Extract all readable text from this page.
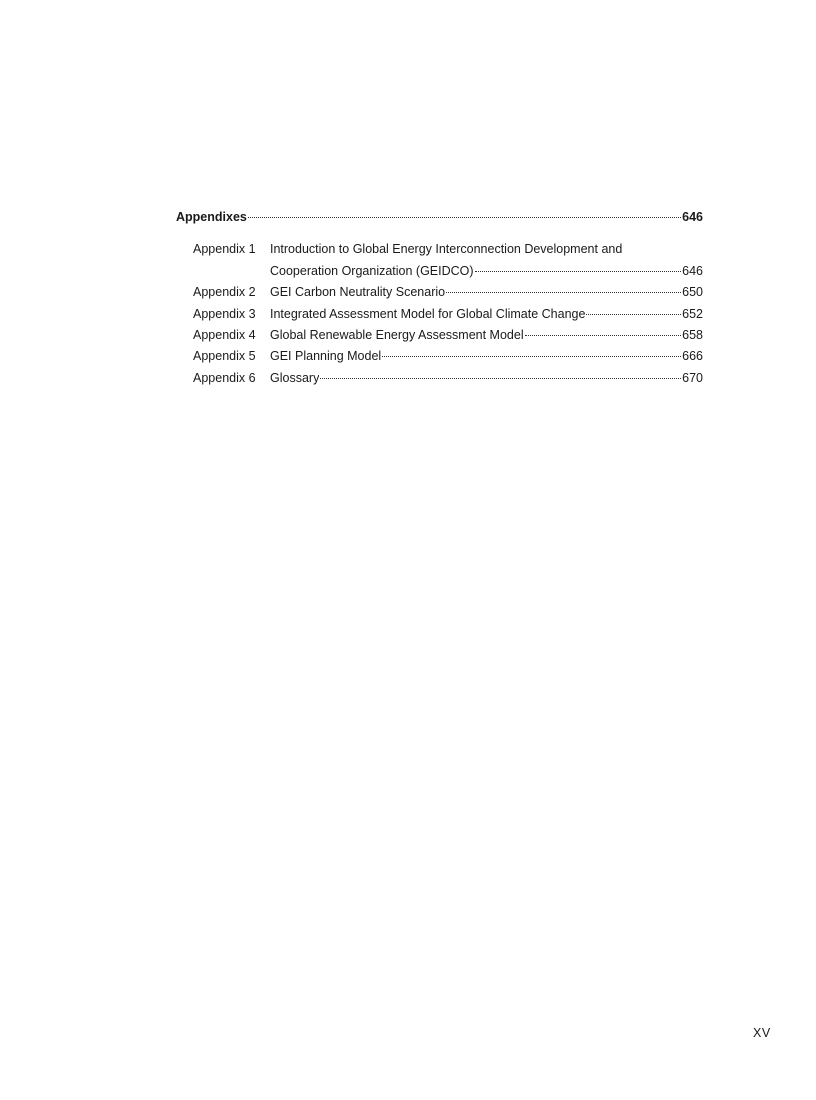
Appendixes	646
Appendix 1	Introduction to Global Energy Interconnection Development and
Cooperation Organization (GEIDCO)	646
Appendix 2	GEI Carbon Neutrality Scenario	650
Appendix 3	Integrated Assessment Model for Global Climate Change	652
Appendix 4	Global Renewable Energy Assessment Model	658
Appendix 5	GEI Planning Model	666
Appendix 6	Glossary	670
XV
